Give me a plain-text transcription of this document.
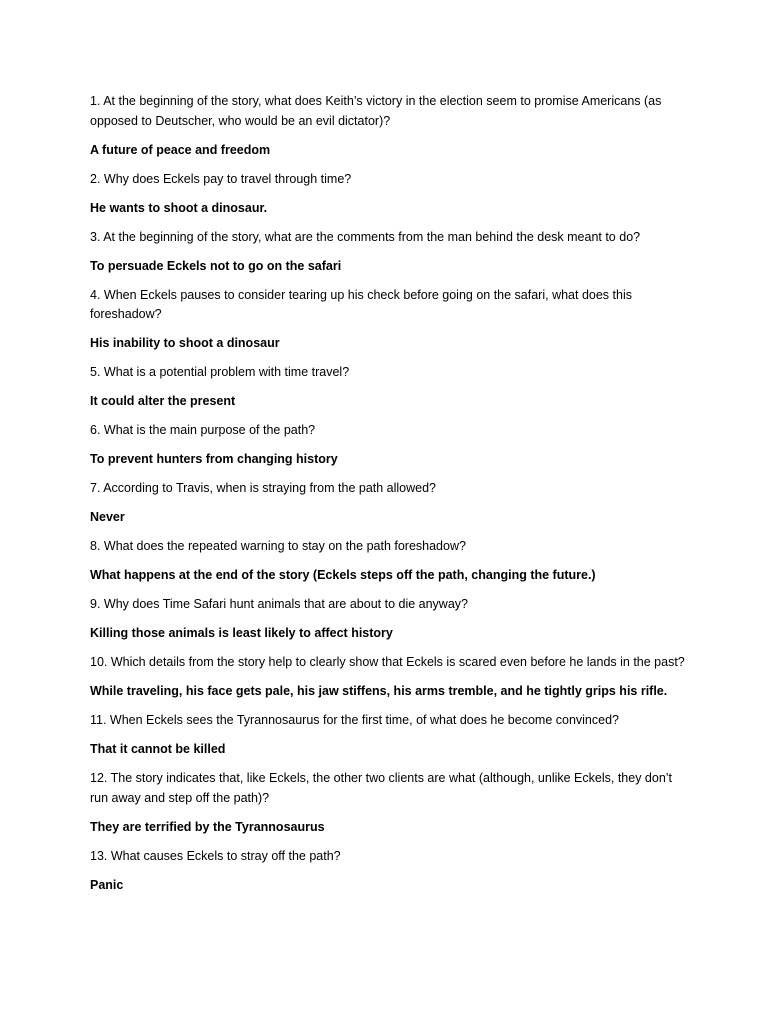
1. At the beginning of the story, what does Keith’s victory in the election seem to promise Americans (as opposed to Deutscher, who would be an evil dictator)?

A future of peace and freedom

2. Why does Eckels pay to travel through time?

He wants to shoot a dinosaur.

3. At the beginning of the story, what are the comments from the man behind the desk meant to do?

To persuade Eckels not to go on the safari

4. When Eckels pauses to consider tearing up his check before going on the safari, what does this foreshadow?

His inability to shoot a dinosaur

5. What is a potential problem with time travel?

It could alter the present

6. What is the main purpose of the path?

To prevent hunters from changing history

7. According to Travis, when is straying from the path allowed?

Never

8. What does the repeated warning to stay on the path foreshadow?

What happens at the end of the story (Eckels steps off the path, changing the future.)

9. Why does Time Safari hunt animals that are about to die anyway?

Killing those animals is least likely to affect history

10. Which details from the story help to clearly show that Eckels is scared even before he lands in the past?

While traveling, his face gets pale, his jaw stiffens, his arms tremble, and he tightly grips his rifle.

11. When Eckels sees the Tyrannosaurus for the first time, of what does he become convinced?

That it cannot be killed

12. The story indicates that, like Eckels, the other two clients are what (although, unlike Eckels, they don’t run away and step off the path)?

They are terrified by the Tyrannosaurus

13. What causes Eckels to stray off the path?

Panic
